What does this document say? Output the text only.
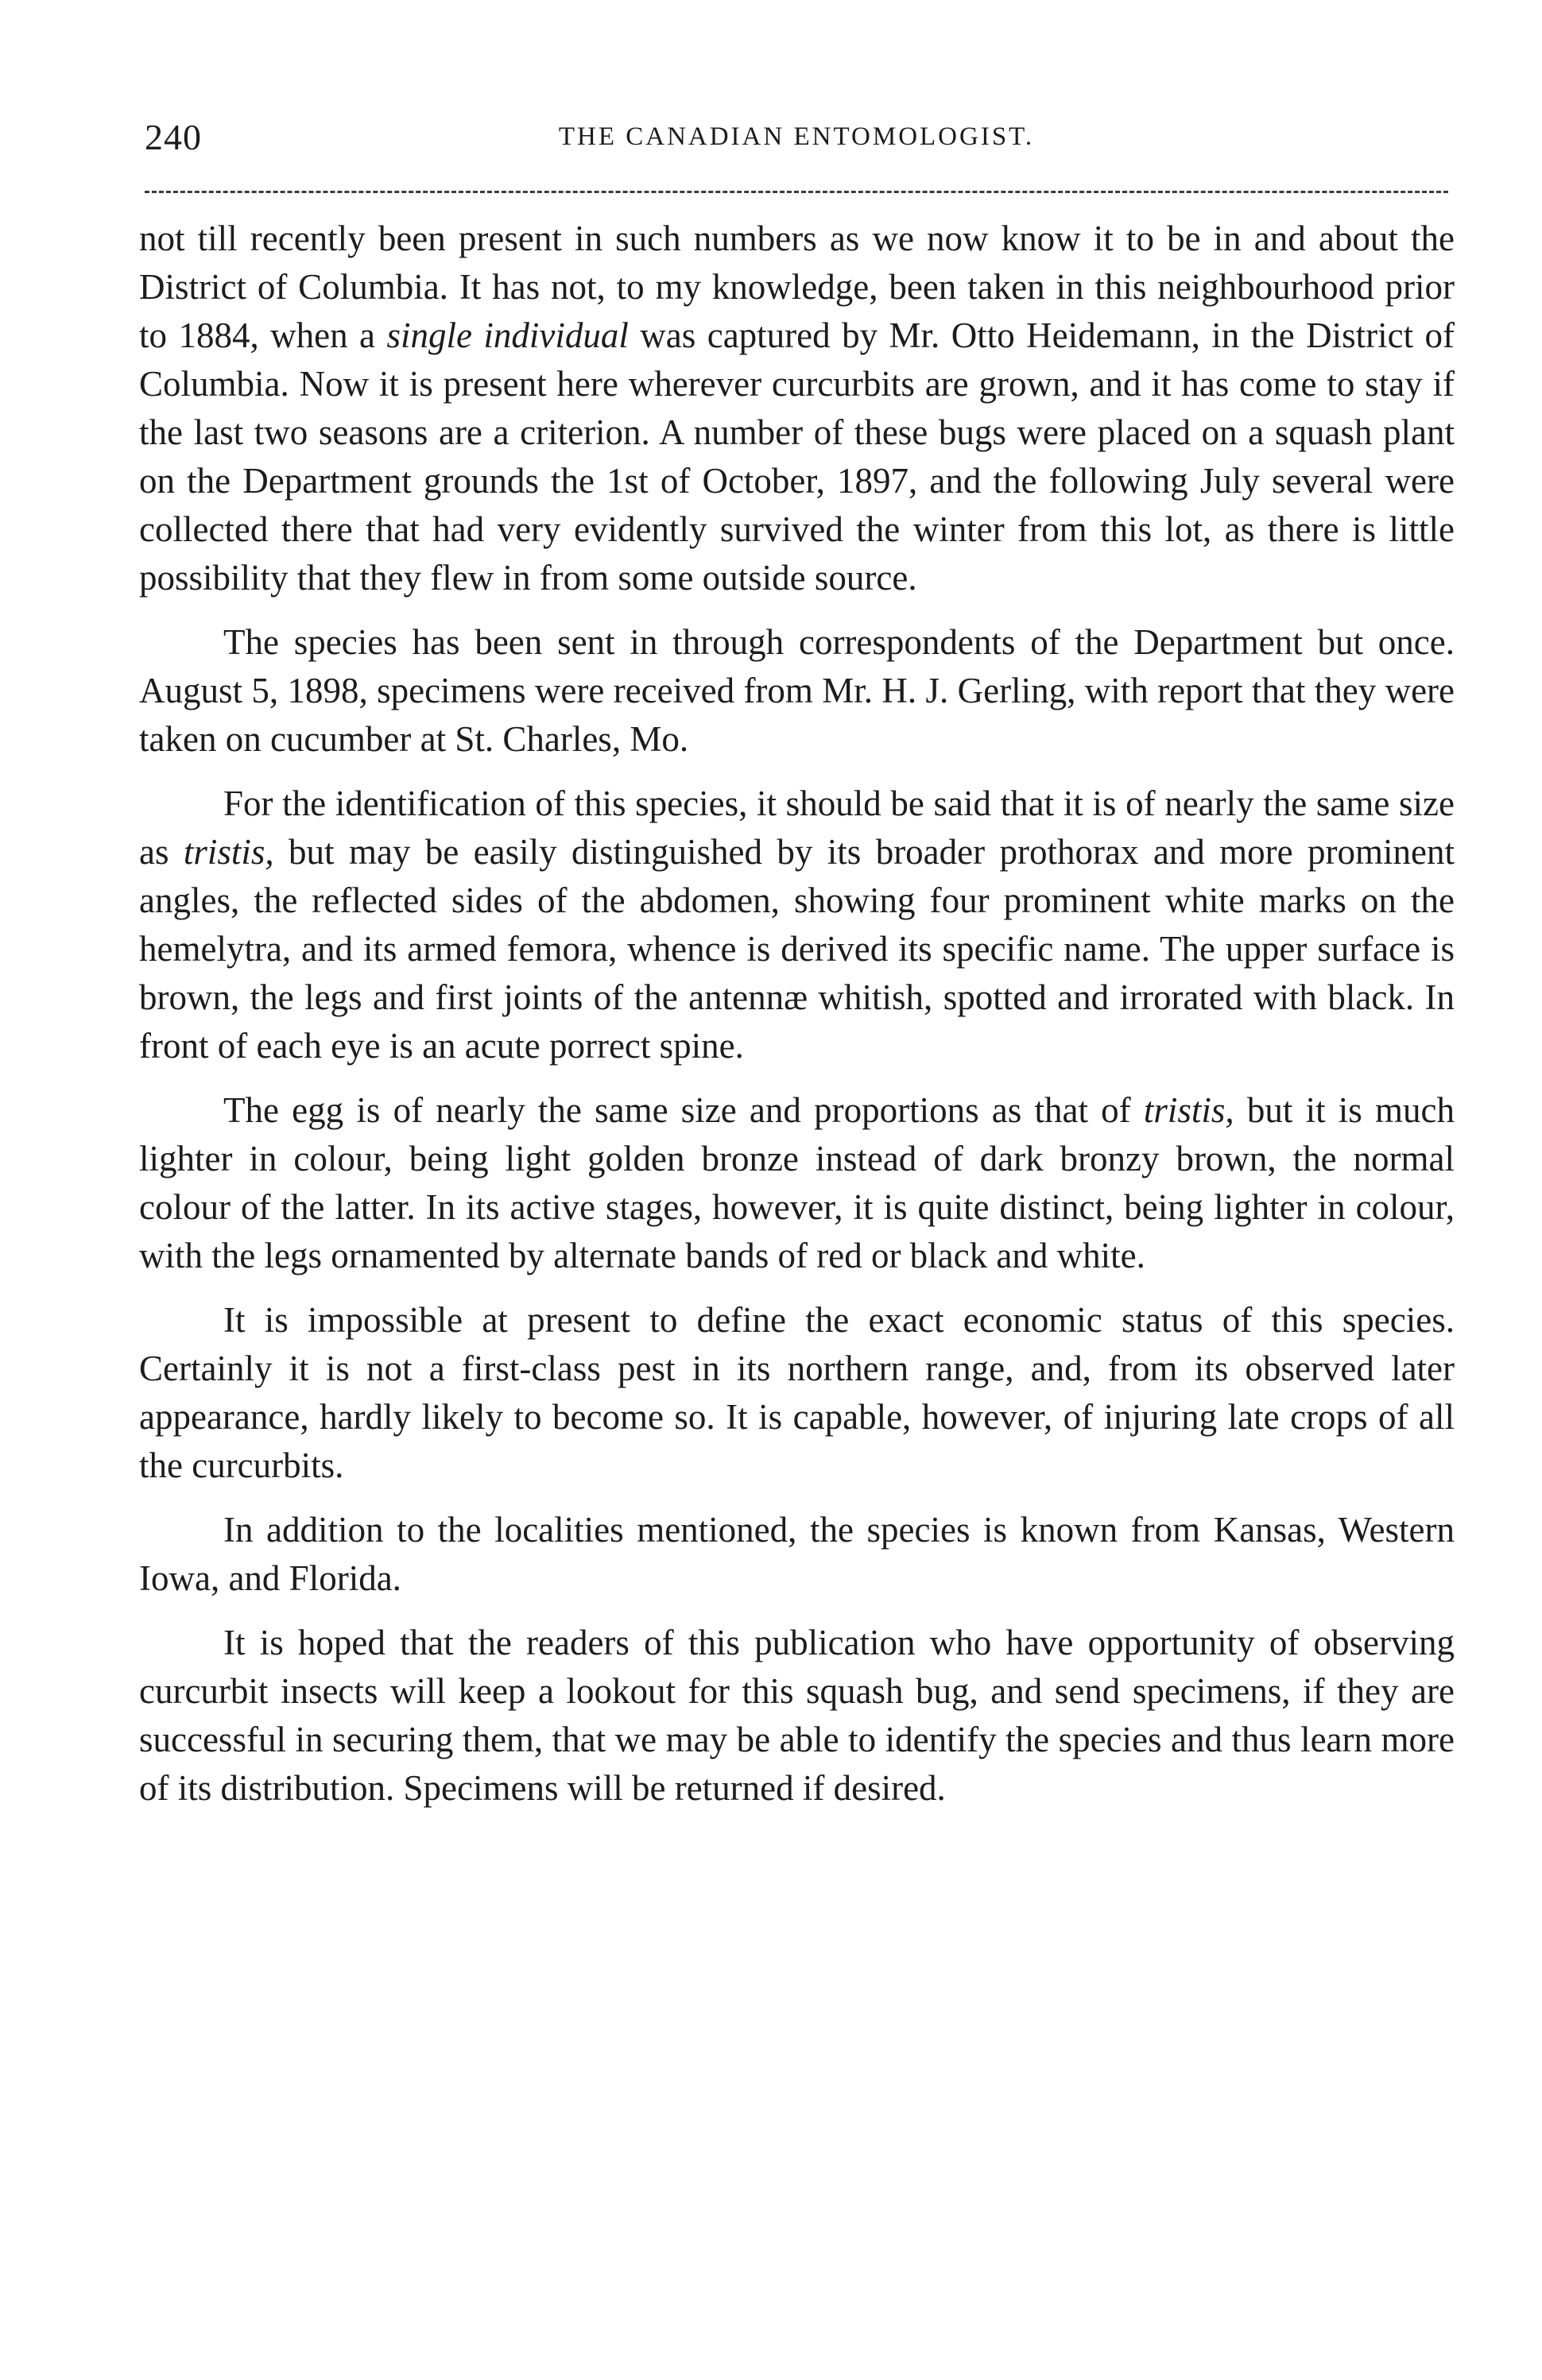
240	THE CANADIAN ENTOMOLOGIST.

not till recently been present in such numbers as we now know it to be in and about the District of Columbia. It has not, to my knowledge, been taken in this neighbourhood prior to 1884, when a single individual was captured by Mr. Otto Heidemann, in the District of Columbia. Now it is present here wherever curcurbits are grown, and it has come to stay if the last two seasons are a criterion. A number of these bugs were placed on a squash plant on the Department grounds the 1st of October, 1897, and the following July several were collected there that had very evidently survived the winter from this lot, as there is little possibility that they flew in from some outside source.

The species has been sent in through correspondents of the Department but once. August 5, 1898, specimens were received from Mr. H. J. Gerling, with report that they were taken on cucumber at St. Charles, Mo.

For the identification of this species, it should be said that it is of nearly the same size as tristis, but may be easily distinguished by its broader prothorax and more prominent angles, the reflected sides of the abdomen, showing four prominent white marks on the hemelytra, and its armed femora, whence is derived its specific name. The upper surface is brown, the legs and first joints of the antennæ whitish, spotted and irrorated with black. In front of each eye is an acute porrect spine.

The egg is of nearly the same size and proportions as that of tristis, but it is much lighter in colour, being light golden bronze instead of dark bronzy brown, the normal colour of the latter. In its active stages, however, it is quite distinct, being lighter in colour, with the legs ornamented by alternate bands of red or black and white.

It is impossible at present to define the exact economic status of this species. Certainly it is not a first-class pest in its northern range, and, from its observed later appearance, hardly likely to become so. It is capable, however, of injuring late crops of all the curcurbits.

In addition to the localities mentioned, the species is known from Kansas, Western Iowa, and Florida.

It is hoped that the readers of this publication who have opportunity of observing curcurbit insects will keep a lookout for this squash bug, and send specimens, if they are successful in securing them, that we may be able to identify the species and thus learn more of its distribution. Specimens will be returned if desired.
